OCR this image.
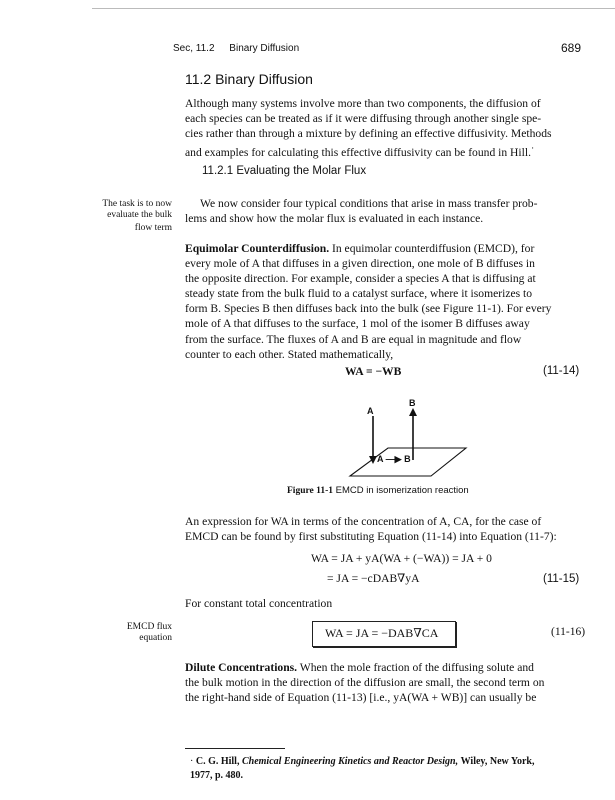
Sec, 11.2 Binary Diffusion	689
11.2 Binary Diffusion
Although many systems involve more than two components, the diffusion of
each species can be treated as if it were diffusing through another single spe-
cies rather than through a mixture by defining an effective diffusivity. Methods
and examples for calculating this effective diffusivity can be found in Hill.·
11.2.1 Evaluating the Molar Flux
The task is to now
evaluate the bulk
flow term
We now consider four typical conditions that arise in mass transfer prob-
lems and show how the molar flux is evaluated in each instance.
Equimolar Counterdiffusion. In equimolar counterdiffusion (EMCD), for
every mole of A that diffuses in a given direction, one mole of B diffuses in
the opposite direction. For example, consider a species A that is diffusing at
steady state from the bulk fluid to a catalyst surface, where it isomerizes to
form B. Species B then diffuses back into the bulk (see Figure 11-1). For every
mole of A that diffuses to the surface, 1 mol of the isomer B diffuses away
from the surface. The fluxes of A and B are equal in magnitude and flow
counter to each other. Stated mathematically,
WA = −WB	(11-14)
A
B
A —▶ B
Figure 11-1 EMCD in isomerization reaction
An expression for WA in terms of the concentration of A, CA, for the case of
EMCD can be found by first substituting Equation (11-14) into Equation (11-7):
WA = JA + yA(WA + (−WA)) = JA + 0
= JA = −cDAB∇yA	(11-15)
For constant total concentration
EMCD flux
equation	WA = JA = −DAB∇CA	(11-16)
Dilute Concentrations. When the mole fraction of the diffusing solute and
the bulk motion in the direction of the diffusion are small, the second term on
the right-hand side of Equation (11-13) [i.e., yA(WA + WB)] can usually be
· C. G. Hill, Chemical Engineering Kinetics and Reactor Design, Wiley, New York,
1977, p. 480.
